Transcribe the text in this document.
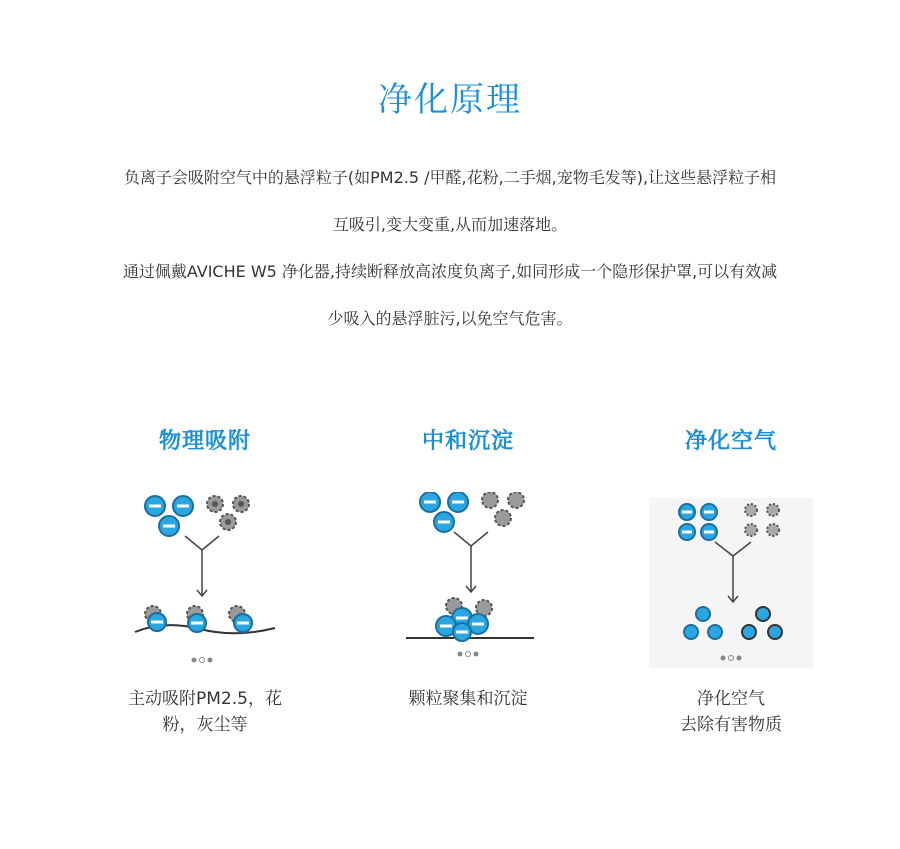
净化原理

负离子会吸附空气中的悬浮粒子(如PM2.5 /甲醛,花粉,二手烟,宠物毛发等),让这些悬浮粒子相

互吸引,变大变重,从而加速落地。

通过佩戴AVICHE W5 净化器,持续断释放高浓度负离子,如同形成一个隐形保护罩,可以有效减

少吸入的悬浮脏污,以免空气危害。

物理吸附
主动吸附PM2.5，花
粉，灰尘等
中和沉淀
颗粒聚集和沉淀
净化空气
净化空气
去除有害物质
